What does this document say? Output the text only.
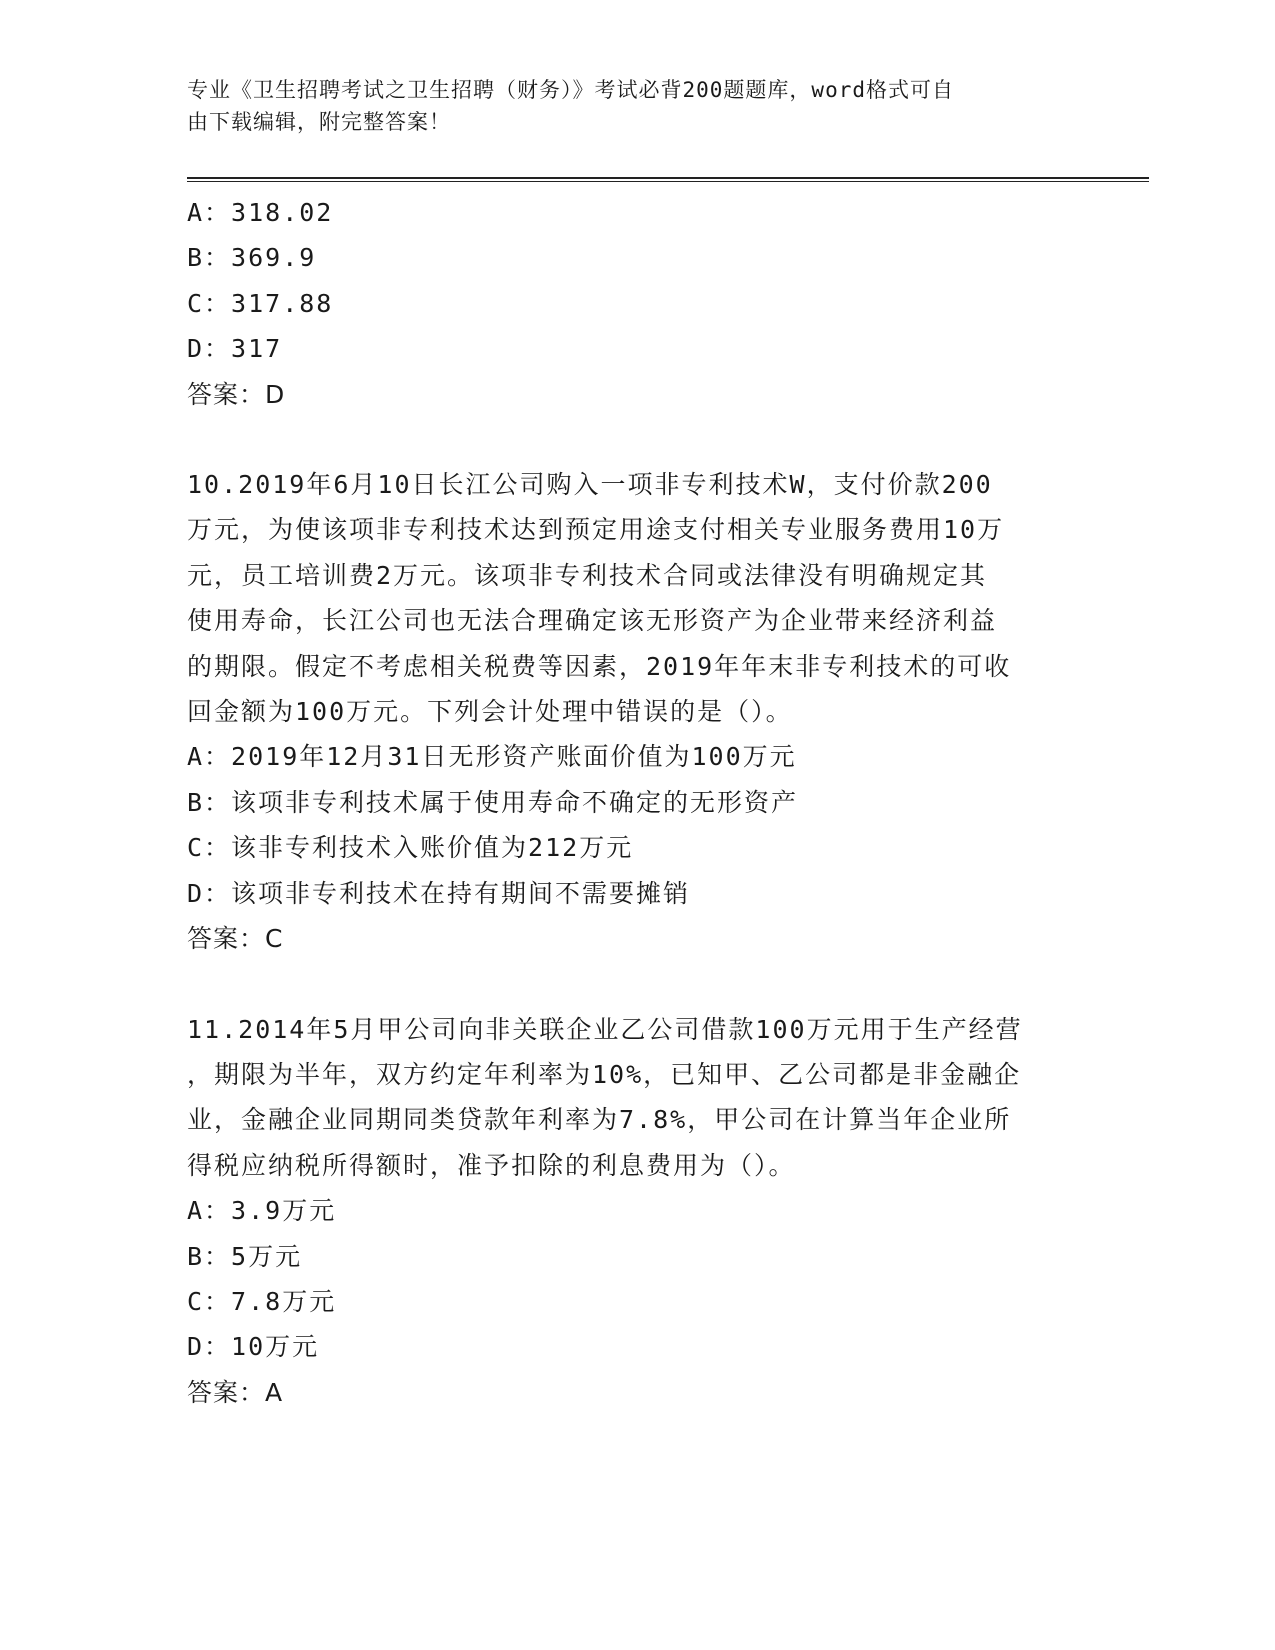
专业《卫生招聘考试之卫生招聘（财务）》考试必背200题题库，word格式可自
由下载编辑，附完整答案！
A：318.02
B：369.9
C：317.88
D：317
答案：D
10.2019年6月10日长江公司购入一项非专利技术W，支付价款200
万元，为使该项非专利技术达到预定用途支付相关专业服务费用10万
元，员工培训费2万元。该项非专利技术合同或法律没有明确规定其
使用寿命，长江公司也无法合理确定该无形资产为企业带来经济利益
的期限。假定不考虑相关税费等因素，2019年年末非专利技术的可收
回金额为100万元。下列会计处理中错误的是（）。
A：2019年12月31日无形资产账面价值为100万元
B：该项非专利技术属于使用寿命不确定的无形资产
C：该非专利技术入账价值为212万元
D：该项非专利技术在持有期间不需要摊销
答案：C
11.2014年5月甲公司向非关联企业乙公司借款100万元用于生产经营
，期限为半年，双方约定年利率为10%，已知甲、乙公司都是非金融企
业，金融企业同期同类贷款年利率为7.8%，甲公司在计算当年企业所
得税应纳税所得额时，准予扣除的利息费用为（）。
A：3.9万元
B：5万元
C：7.8万元
D：10万元
答案：A
